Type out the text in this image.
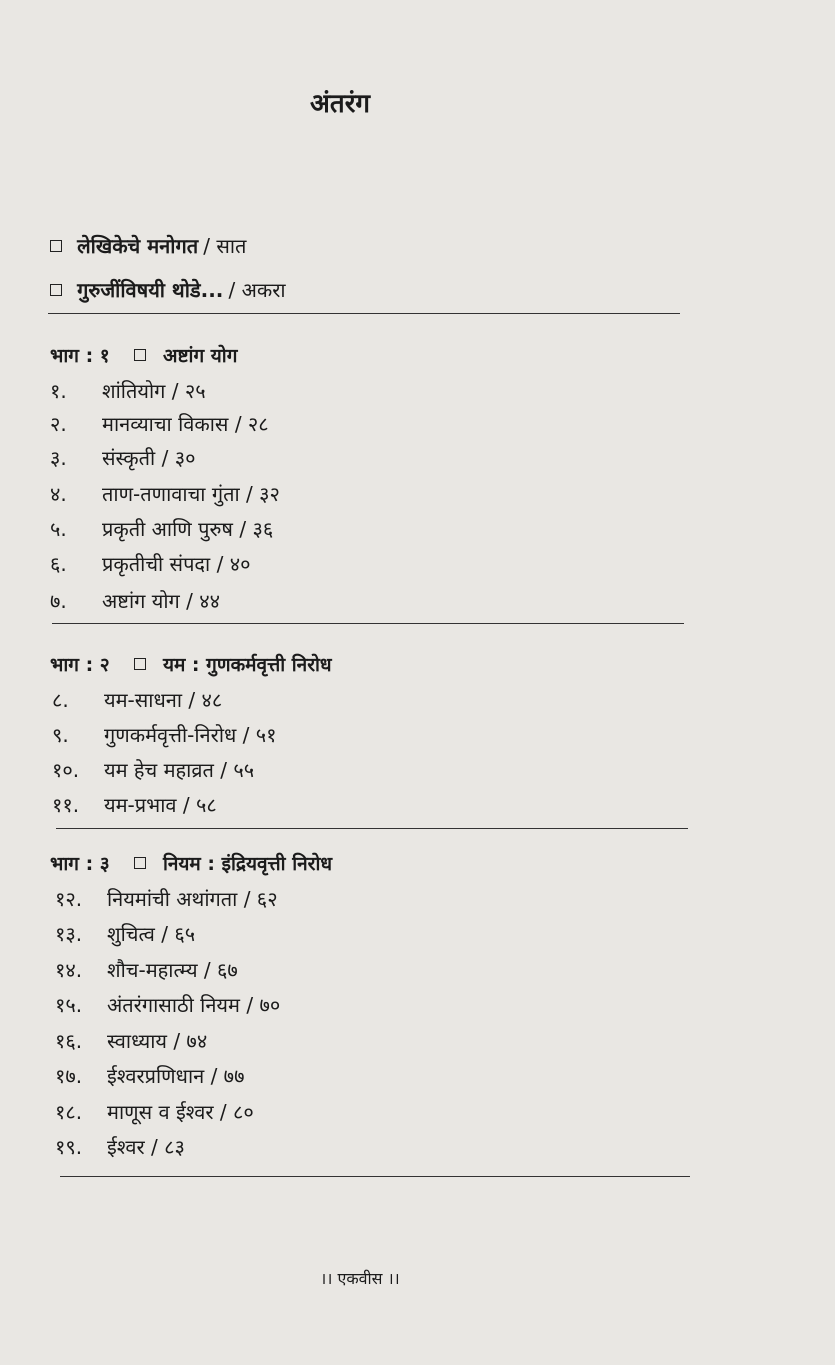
अंतरंग
लेखिकेचे मनोगत / सात
गुरुजींविषयी थोडे... / अकरा
भाग : १	अष्टांग योग
१. शांतियोग / २५
२. मानव्याचा विकास / २८
३. संस्कृती / ३०
४. ताण-तणावाचा गुंता / ३२
५. प्रकृती आणि पुरुष / ३६
६. प्रकृतीची संपदा / ४०
७. अष्टांग योग / ४४
भाग : २	यम : गुणकर्मवृत्ती निरोध
८. यम-साधना / ४८
९. गुणकर्मवृत्ती-निरोध / ५१
१०. यम हेच महाव्रत / ५५
११. यम-प्रभाव / ५८
भाग : ३	नियम : इंद्रियवृत्ती निरोध
१२. नियमांची अथांगता / ६२
१३. शुचित्व / ६५
१४. शौच-महात्म्य / ६७
१५. अंतरंगासाठी नियम / ७०
१६. स्वाध्याय / ७४
१७. ईश्वरप्रणिधान / ७७
१८. माणूस व ईश्वर / ८०
१९. ईश्वर / ८३
।। एकवीस ।।
